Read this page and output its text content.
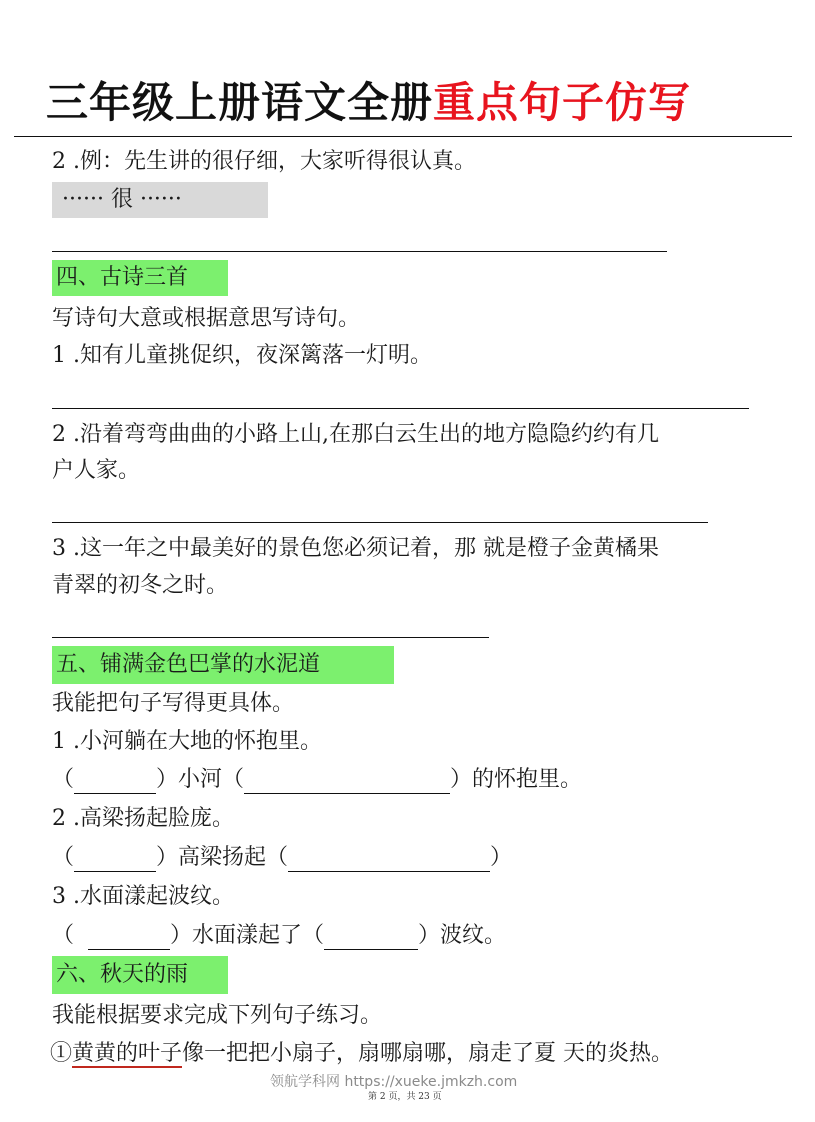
三年级上册语文全册重点句子仿写
2 .例：先生讲的很仔细，大家听得很认真。
······ 很 ······
四、古诗三首
写诗句大意或根据意思写诗句。
1 .知有儿童挑促织，夜深篱落一灯明。
2 .沿着弯弯曲曲的小路上山,在那白云生出的地方隐隐约约有几
户人家。
3 .这一年之中最美好的景色您必须记着，那 就是橙子金黄橘果
青翠的初冬之时。
五、铺满金色巴掌的水泥道
我能把句子写得更具体。
1 .小河躺在大地的怀抱里。
（	）小河（	）的怀抱里。
2 .高梁扬起脸庞。
（	）高梁扬起（	）
3 .水面漾起波纹。
（	）水面漾起了（	）波纹。
六、秋天的雨
我能根据要求完成下列句子练习。
①黄黄的叶子像一把把小扇子，扇哪扇哪，扇走了夏 天的炎热。
领航学科网 https://xueke.jmkzh.com
第 2 页，共 23 页
